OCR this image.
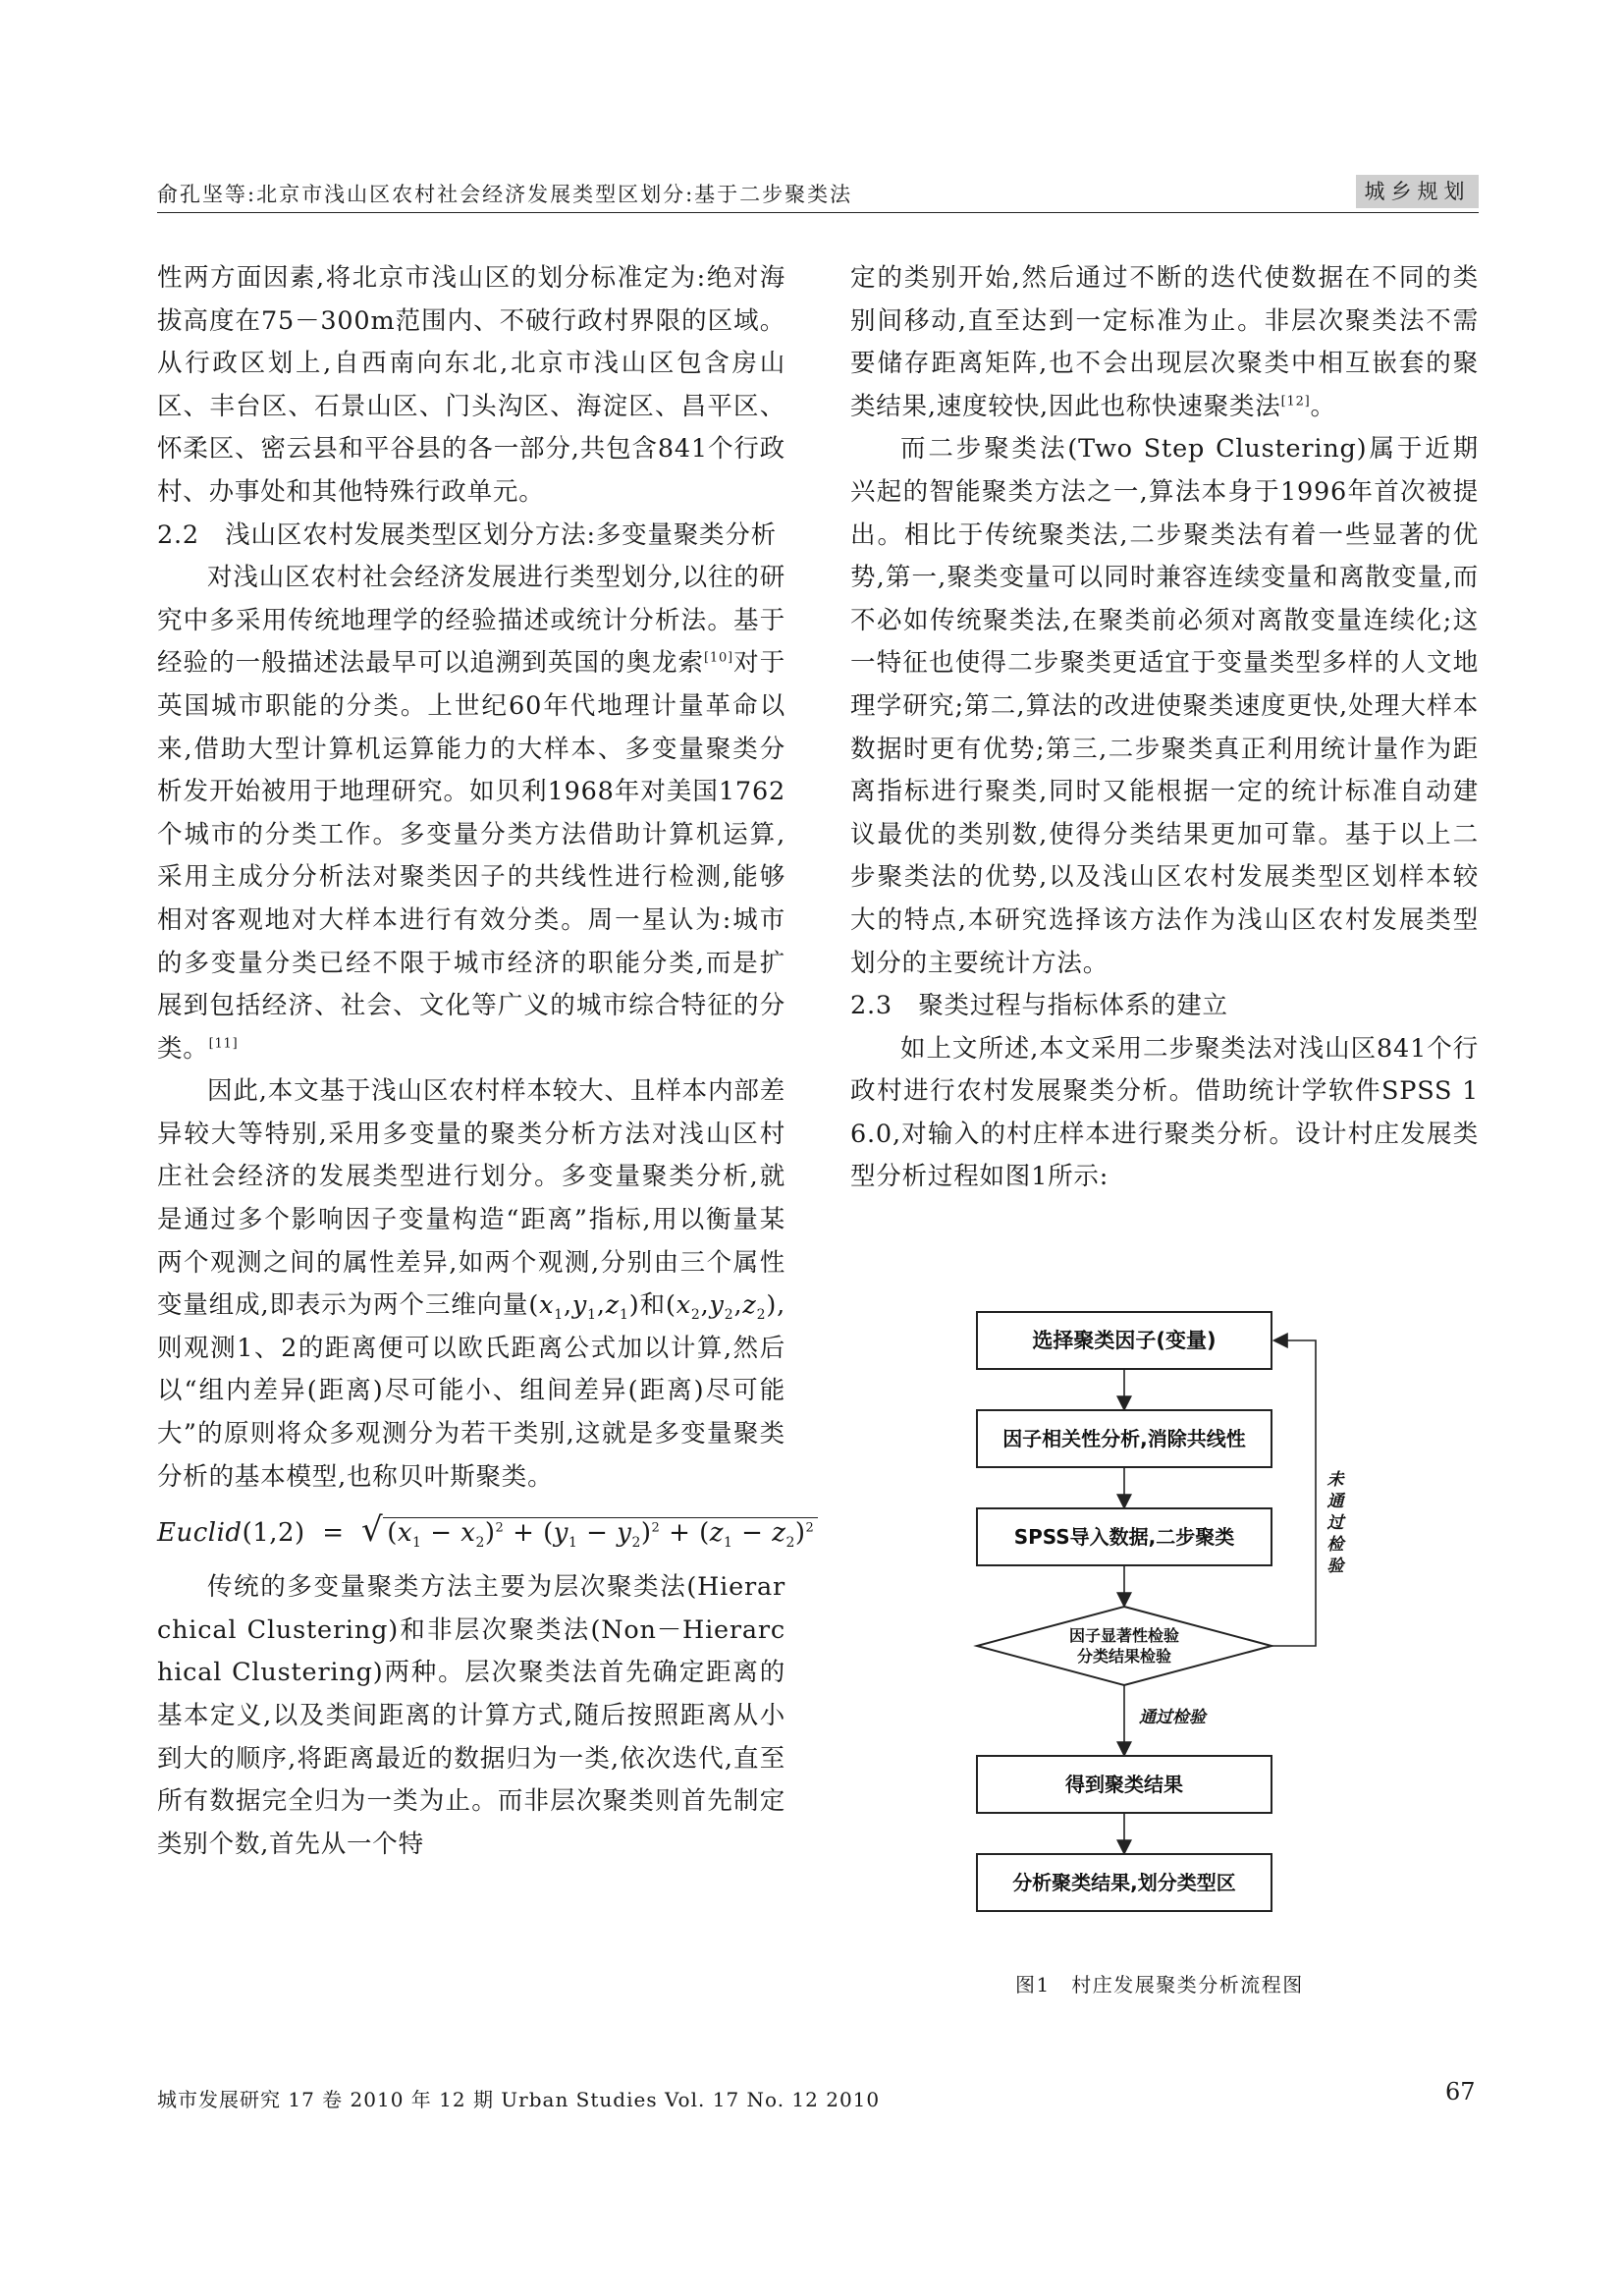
俞孔坚等:北京市浅山区农村社会经济发展类型区划分:基于二步聚类法	城乡规划

性两方面因素,将北京市浅山区的划分标准定为:绝对海拔高度在75－300m范围内、不破行政村界限的区域。从行政区划上,自西南向东北,北京市浅山区包含房山区、丰台区、石景山区、门头沟区、海淀区、昌平区、怀柔区、密云县和平谷县的各一部分,共包含841个行政村、办事处和其他特殊行政单元。

2.2　浅山区农村发展类型区划分方法:多变量聚类分析

对浅山区农村社会经济发展进行类型划分,以往的研究中多采用传统地理学的经验描述或统计分析法。基于经验的一般描述法最早可以追溯到英国的奥龙索[10]对于英国城市职能的分类。上世纪60年代地理计量革命以来,借助大型计算机运算能力的大样本、多变量聚类分析发开始被用于地理研究。如贝利1968年对美国1762个城市的分类工作。多变量分类方法借助计算机运算,采用主成分分析法对聚类因子的共线性进行检测,能够相对客观地对大样本进行有效分类。周一星认为:城市的多变量分类已经不限于城市经济的职能分类,而是扩展到包括经济、社会、文化等广义的城市综合特征的分类。[11]

因此,本文基于浅山区农村样本较大、且样本内部差异较大等特别,采用多变量的聚类分析方法对浅山区村庄社会经济的发展类型进行划分。多变量聚类分析,就是通过多个影响因子变量构造“距离”指标,用以衡量某两个观测之间的属性差异,如两个观测,分别由三个属性变量组成,即表示为两个三维向量$(x_1,y_1,z_1)$和$(x_2,y_2,z_2)$,则观测1、2的距离便可以欧氏距离公式加以计算,然后以“组内差异(距离)尽可能小、组间差异(距离)尽可能大”的原则将众多观测分为若干类别,这就是多变量聚类分析的基本模型,也称贝叶斯聚类。

Euclid(1,2)  =  √ $(x_1 - x_2)^2 + (y_1 - y_2)^2 + (z_1 - z_2)^2$

传统的多变量聚类方法主要为层次聚类法(Hierarchical Clustering)和非层次聚类法(Non－Hierarchical Clustering)两种。层次聚类法首先确定距离的基本定义,以及类间距离的计算方式,随后按照距离从小到大的顺序,将距离最近的数据归为一类,依次迭代,直至所有数据完全归为一类为止。而非层次聚类则首先制定类别个数,首先从一个特

定的类别开始,然后通过不断的迭代使数据在不同的类别间移动,直至达到一定标准为止。非层次聚类法不需要储存距离矩阵,也不会出现层次聚类中相互嵌套的聚类结果,速度较快,因此也称快速聚类法[12]。

而二步聚类法(Two Step Clustering)属于近期兴起的智能聚类方法之一,算法本身于1996年首次被提出。相比于传统聚类法,二步聚类法有着一些显著的优势,第一,聚类变量可以同时兼容连续变量和离散变量,而不必如传统聚类法,在聚类前必须对离散变量连续化;这一特征也使得二步聚类更适宜于变量类型多样的人文地理学研究;第二,算法的改进使聚类速度更快,处理大样本数据时更有优势;第三,二步聚类真正利用统计量作为距离指标进行聚类,同时又能根据一定的统计标准自动建议最优的类别数,使得分类结果更加可靠。基于以上二步聚类法的优势,以及浅山区农村发展类型区划样本较大的特点,本研究选择该方法作为浅山区农村发展类型划分的主要统计方法。

2.3　聚类过程与指标体系的建立

如上文所述,本文采用二步聚类法对浅山区841个行政村进行农村发展聚类分析。借助统计学软件SPSS 16.0,对输入的村庄样本进行聚类分析。设计村庄发展类型分析过程如图1所示:

选择聚类因子(变量)
因子相关性分析,消除共线性
SPSS导入数据,二步聚类
因子显著性检验
分类结果检验
通过检验
得到聚类结果
分析聚类结果,划分类型区
未
通
过
检
验
图1　村庄发展聚类分析流程图
城市发展研究 17 卷 2010 年 12 期 Urban Studies Vol. 17 No. 12 2010	67
